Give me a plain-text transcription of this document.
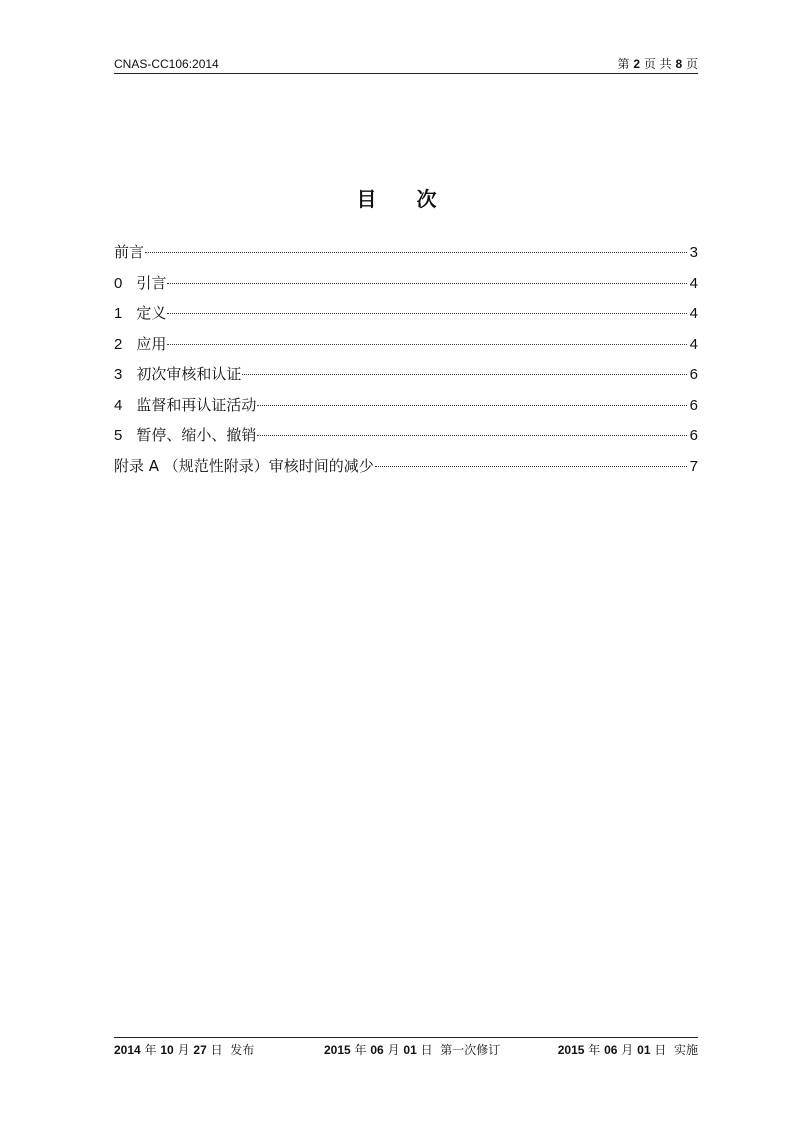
CNAS-CC106:2014	第 2 页 共 8 页
目 次
前言	3
0 引言	4
1 定义	4
2 应用	4
3 初次审核和认证	6
4 监督和再认证活动	6
5 暂停、缩小、撤销	6
附录 A （规范性附录）审核时间的减少	7
2014 年 10 月 27 日 发布	2015 年 06 月 01 日 第一次修订	2015 年 06 月 01 日 实施
